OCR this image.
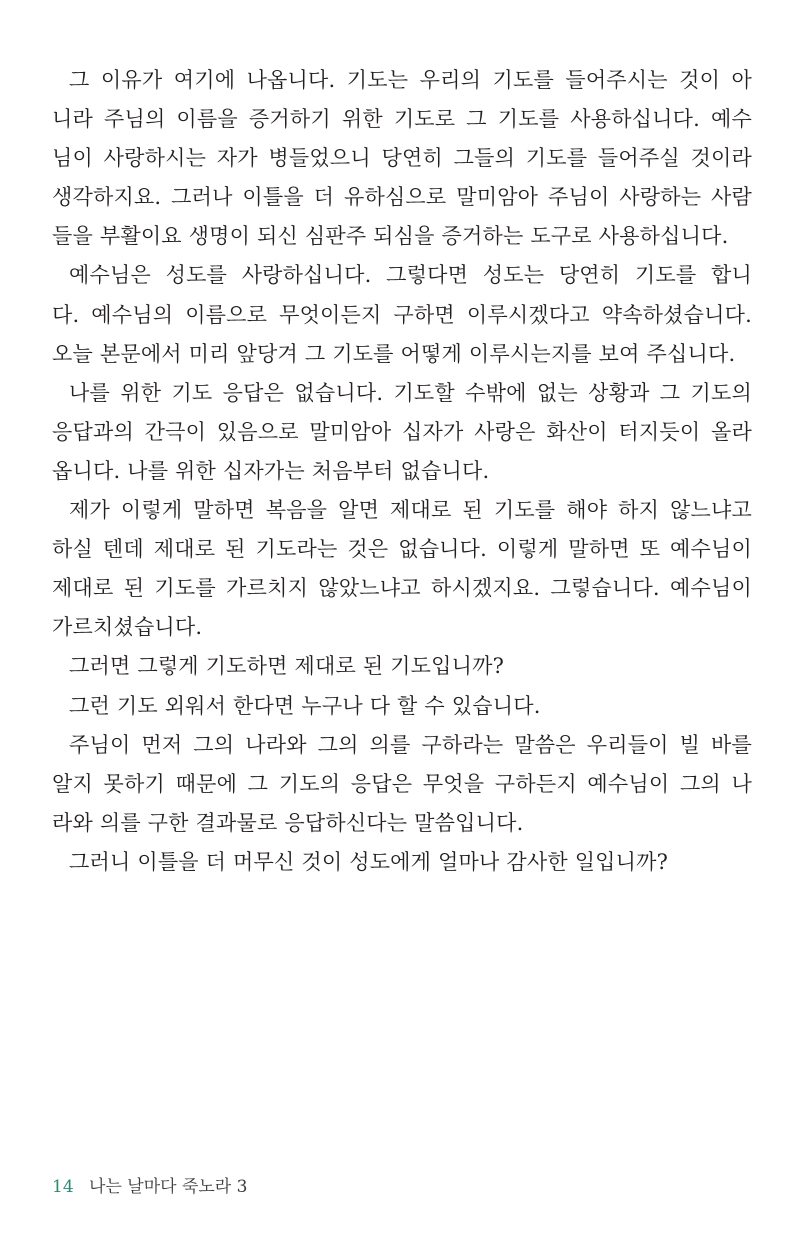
그 이유가 여기에 나옵니다. 기도는 우리의 기도를 들어주시는 것이 아
니라 주님의 이름을 증거하기 위한 기도로 그 기도를 사용하십니다. 예수
님이 사랑하시는 자가 병들었으니 당연히 그들의 기도를 들어주실 것이라
생각하지요. 그러나 이틀을 더 유하심으로 말미암아 주님이 사랑하는 사람
들을 부활이요 생명이 되신 심판주 되심을 증거하는 도구로 사용하십니다.
예수님은 성도를 사랑하십니다. 그렇다면 성도는 당연히 기도를 합니
다. 예수님의 이름으로 무엇이든지 구하면 이루시겠다고 약속하셨습니다.
오늘 본문에서 미리 앞당겨 그 기도를 어떻게 이루시는지를 보여 주십니다.
나를 위한 기도 응답은 없습니다. 기도할 수밖에 없는 상황과 그 기도의
응답과의 간극이 있음으로 말미암아 십자가 사랑은 화산이 터지듯이 올라
옵니다. 나를 위한 십자가는 처음부터 없습니다.
제가 이렇게 말하면 복음을 알면 제대로 된 기도를 해야 하지 않느냐고
하실 텐데 제대로 된 기도라는 것은 없습니다. 이렇게 말하면 또 예수님이
제대로 된 기도를 가르치지 않았느냐고 하시겠지요. 그렇습니다. 예수님이
가르치셨습니다.
그러면 그렇게 기도하면 제대로 된 기도입니까?
그런 기도 외워서 한다면 누구나 다 할 수 있습니다.
주님이 먼저 그의 나라와 그의 의를 구하라는 말씀은 우리들이 빌 바를
알지 못하기 때문에 그 기도의 응답은 무엇을 구하든지 예수님이 그의 나
라와 의를 구한 결과물로 응답하신다는 말씀입니다.
그러니 이틀을 더 머무신 것이 성도에게 얼마나 감사한 일입니까?
14 나는 날마다 죽노라 3
